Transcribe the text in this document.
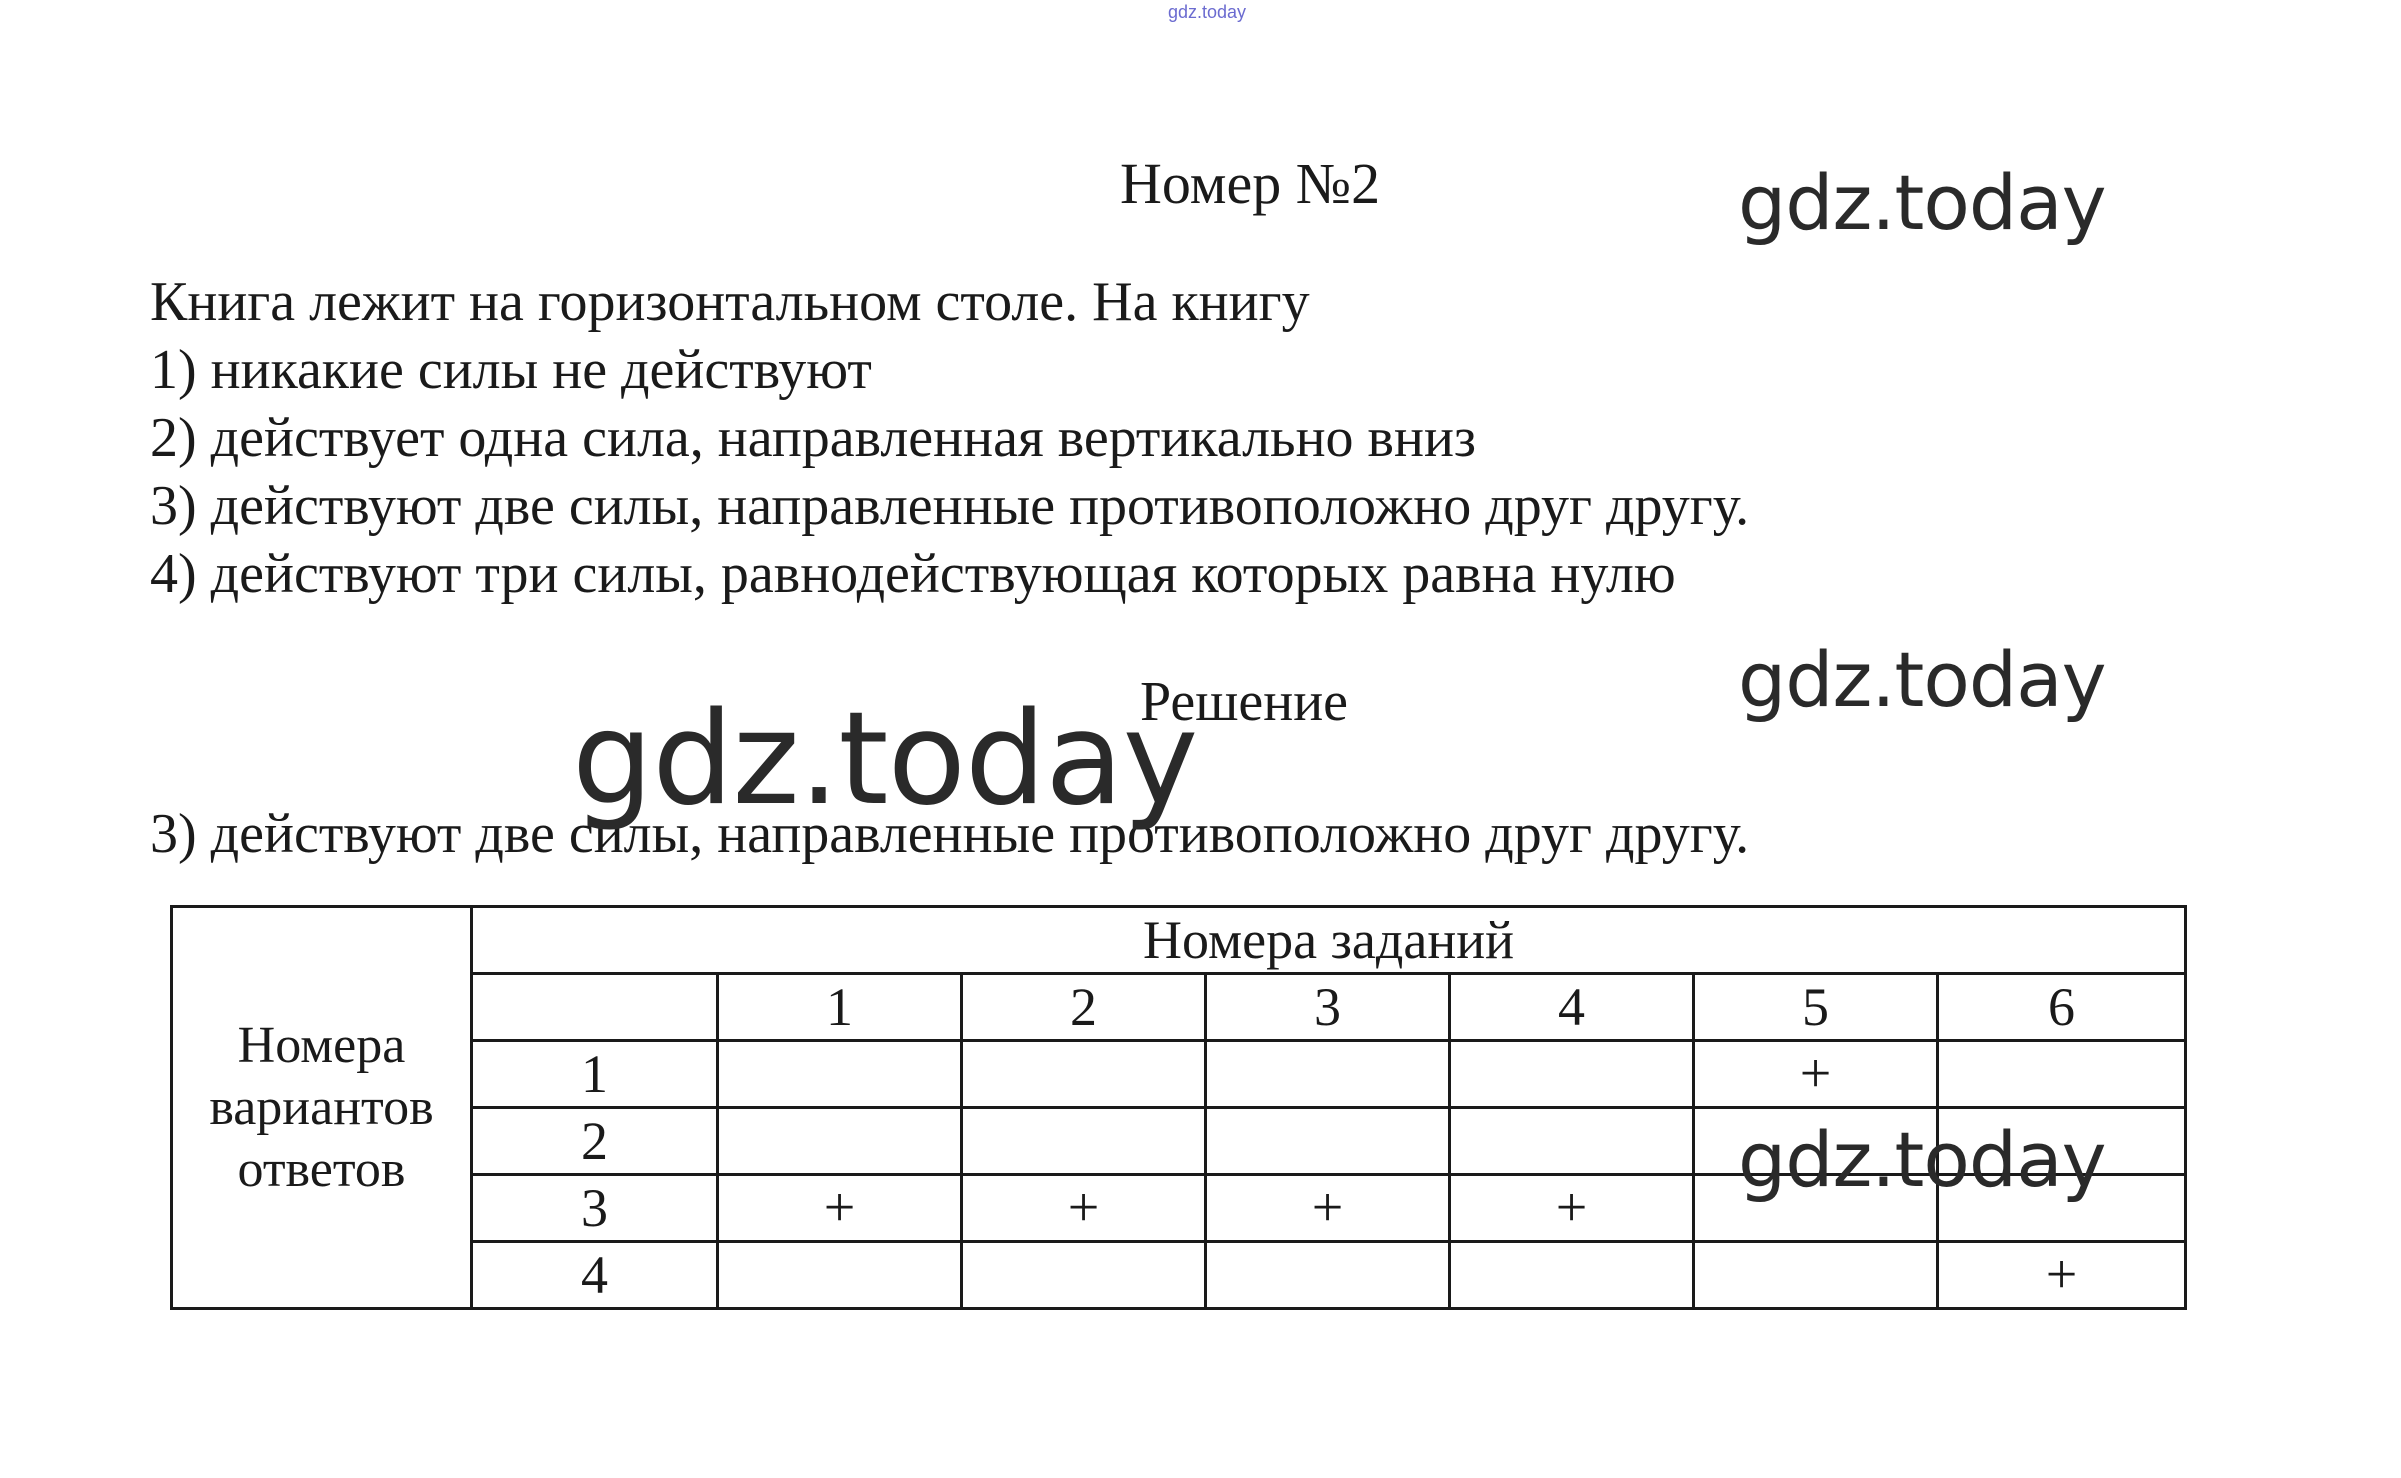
gdz.today
Номер №2	gdz.today
gdz.today
gdz.today
gdz.today
Книга лежит на горизонтальном столе. На книгу
1) никакие силы не действуют
2) действует одна сила, направленная вертикально вниз
3) действуют две силы, направленные противоположно друг другу.
4) действуют три силы, равнодействующая которых равна нулю
Решение
3) действуют две силы, направленные противоположно друг другу.
Номера
вариантов
ответов	Номера заданий						
		1	2	3	4	5	6
	1					+	
	2						
	3	+	+	+	+		
	4						+
